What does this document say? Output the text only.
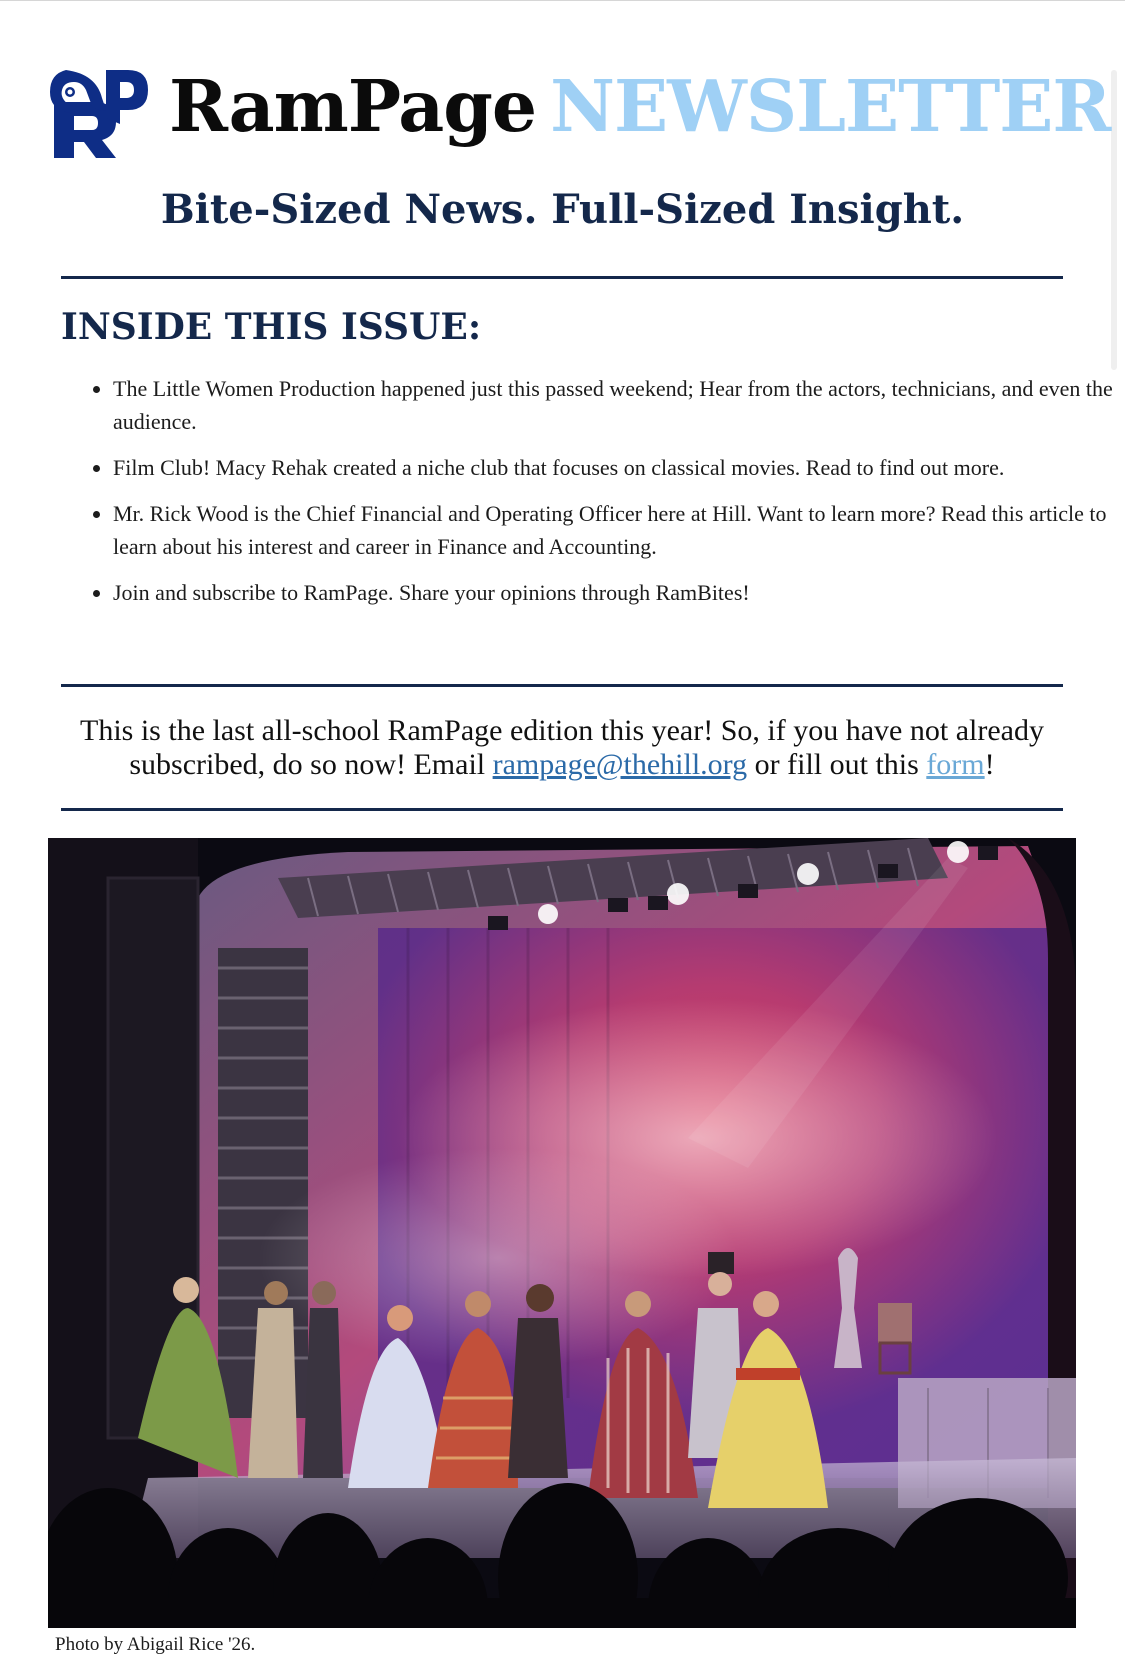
RamPage NEWSLETTER
Bite-Sized News. Full-Sized Insight.
INSIDE THIS ISSUE:
• The Little Women Production happened just this passed weekend; Hear from the actors, technicians, and even the audience.
• Film Club! Macy Rehak created a niche club that focuses on classical movies. Read to find out more.
• Mr. Rick Wood is the Chief Financial and Operating Officer here at Hill. Want to learn more? Read this article to learn about his interest and career in Finance and Accounting.
• Join and subscribe to RamPage. Share your opinions through RamBites!
This is the last all-school RamPage edition this year! So, if you have not already subscribed, do so now! Email rampage@thehill.org or fill out this form!
Photo by Abigail Rice '26.
